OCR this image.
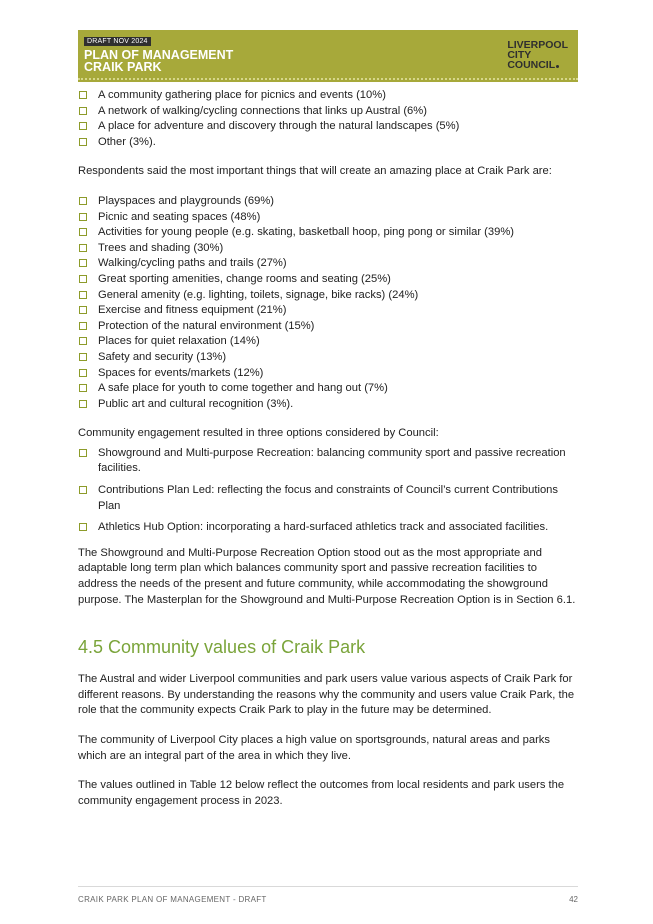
DRAFT NOV 2024
PLAN OF MANAGEMENT
CRAIK PARK
LIVERPOOL
CITY
COUNCIL
A community gathering place for picnics and events (10%)
A network of walking/cycling connections that links up Austral (6%)
A place for adventure and discovery through the natural landscapes (5%)
Other (3%).

Respondents said the most important things that will create an amazing place at Craik Park are:

Playspaces and playgrounds (69%)
Picnic and seating spaces (48%)
Activities for young people (e.g. skating, basketball hoop, ping pong or similar (39%)
Trees and shading (30%)
Walking/cycling paths and trails (27%)
Great sporting amenities, change rooms and seating (25%)
General amenity (e.g. lighting, toilets, signage, bike racks) (24%)
Exercise and fitness equipment (21%)
Protection of the natural environment (15%)
Places for quiet relaxation (14%)
Safety and security (13%)
Spaces for events/markets (12%)
A safe place for youth to come together and hang out (7%)
Public art and cultural recognition (3%).

Community engagement resulted in three options considered by Council:

Showground and Multi-purpose Recreation: balancing community sport and passive recreation facilities.
Contributions Plan Led: reflecting the focus and constraints of Council’s current Contributions Plan
Athletics Hub Option: incorporating a hard-surfaced athletics track and associated facilities.

The Showground and Multi-Purpose Recreation Option stood out as the most appropriate and adaptable long term plan which balances community sport and passive recreation facilities to address the needs of the present and future community, while accommodating the showground purpose. The Masterplan for the Showground and Multi-Purpose Recreation Option is in Section 6.1.

4.5 Community values of Craik Park

The Austral and wider Liverpool communities and park users value various aspects of Craik Park for different reasons. By understanding the reasons why the community and users value Craik Park, the role that the community expects Craik Park to play in the future may be determined.

The community of Liverpool City places a high value on sportsgrounds, natural areas and parks which are an integral part of the area in which they live.

The values outlined in Table 12 below reflect the outcomes from local residents and park users the community engagement process in 2023.

CRAIK PARK PLAN OF MANAGEMENT - DRAFT	42
